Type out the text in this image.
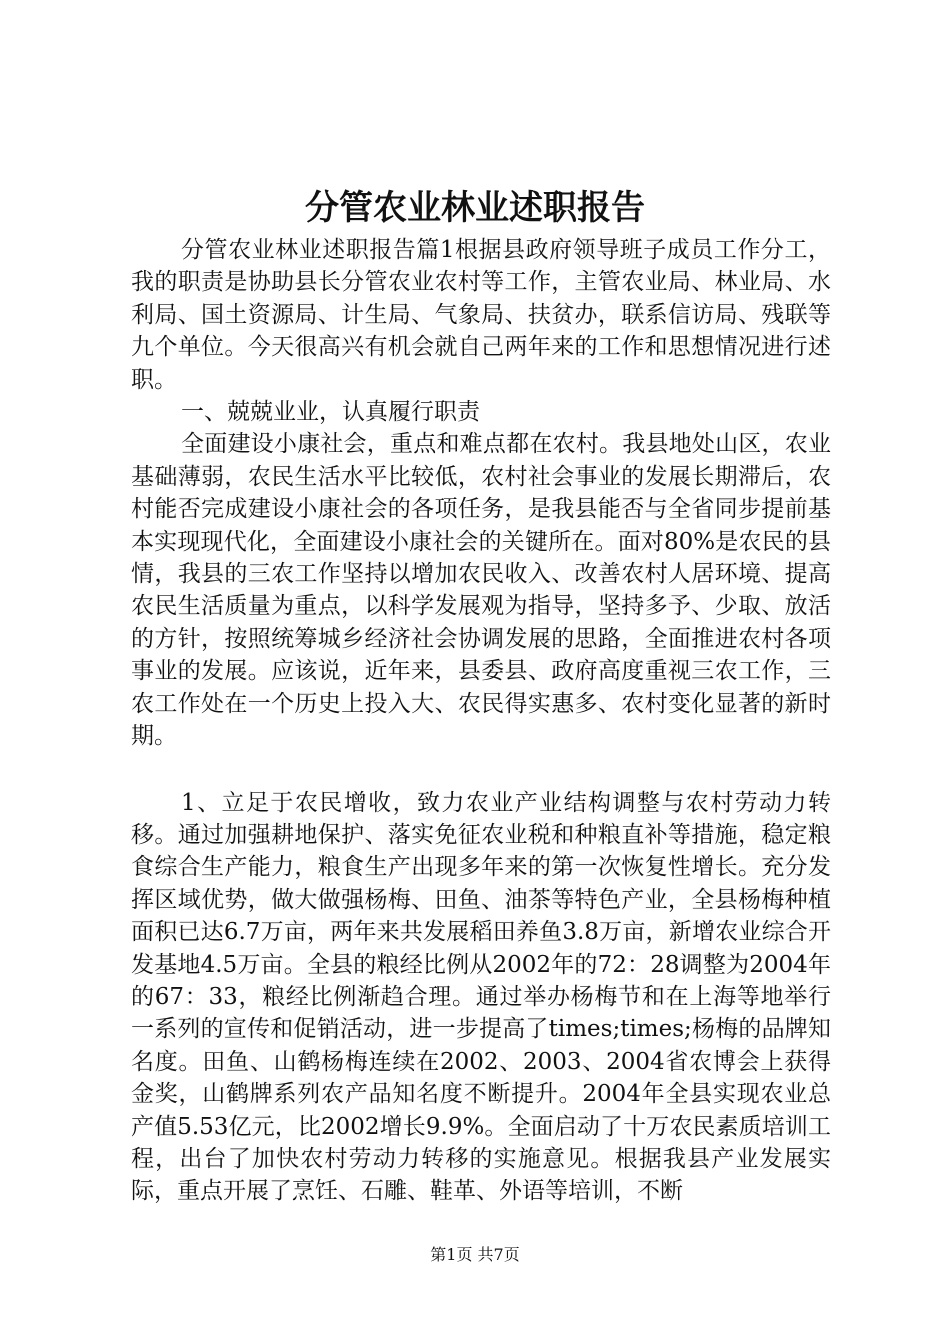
分管农业林业述职报告

分管农业林业述职报告篇1根据县政府领导班子成员工作分工，我的职责是协助县长分管农业农村等工作，主管农业局、林业局、水利局、国土资源局、计生局、气象局、扶贫办，联系信访局、残联等九个单位。今天很高兴有机会就自己两年来的工作和思想情况进行述职。

一、兢兢业业，认真履行职责

全面建设小康社会，重点和难点都在农村。我县地处山区，农业基础薄弱，农民生活水平比较低，农村社会事业的发展长期滞后，农村能否完成建设小康社会的各项任务，是我县能否与全省同步提前基本实现现代化，全面建设小康社会的关键所在。面对80%是农民的县情，我县的三农工作坚持以增加农民收入、改善农村人居环境、提高农民生活质量为重点，以科学发展观为指导，坚持多予、少取、放活的方针，按照统筹城乡经济社会协调发展的思路，全面推进农村各项事业的发展。应该说，近年来，县委县、政府高度重视三农工作，三农工作处在一个历史上投入大、农民得实惠多、农村变化显著的新时期。

1、立足于农民增收，致力农业产业结构调整与农村劳动力转移。通过加强耕地保护、落实免征农业税和种粮直补等措施，稳定粮食综合生产能力，粮食生产出现多年来的第一次恢复性增长。充分发挥区域优势，做大做强杨梅、田鱼、油茶等特色产业，全县杨梅种植面积已达6.7万亩，两年来共发展稻田养鱼3.8万亩，新增农业综合开发基地4.5万亩。全县的粮经比例从2002年的72：28调整为2004年的67：33，粮经比例渐趋合理。通过举办杨梅节和在上海等地举行一系列的宣传和促销活动，进一步提高了times;times;杨梅的品牌知名度。田鱼、山鹤杨梅连续在2002、2003、2004省农博会上获得金奖，山鹤牌系列农产品知名度不断提升。2004年全县实现农业总产值5.53亿元，比2002增长9.9%。全面启动了十万农民素质培训工程，出台了加快农村劳动力转移的实施意见。根据我县产业发展实际，重点开展了烹饪、石雕、鞋革、外语等培训，不断

第1页 共7页
